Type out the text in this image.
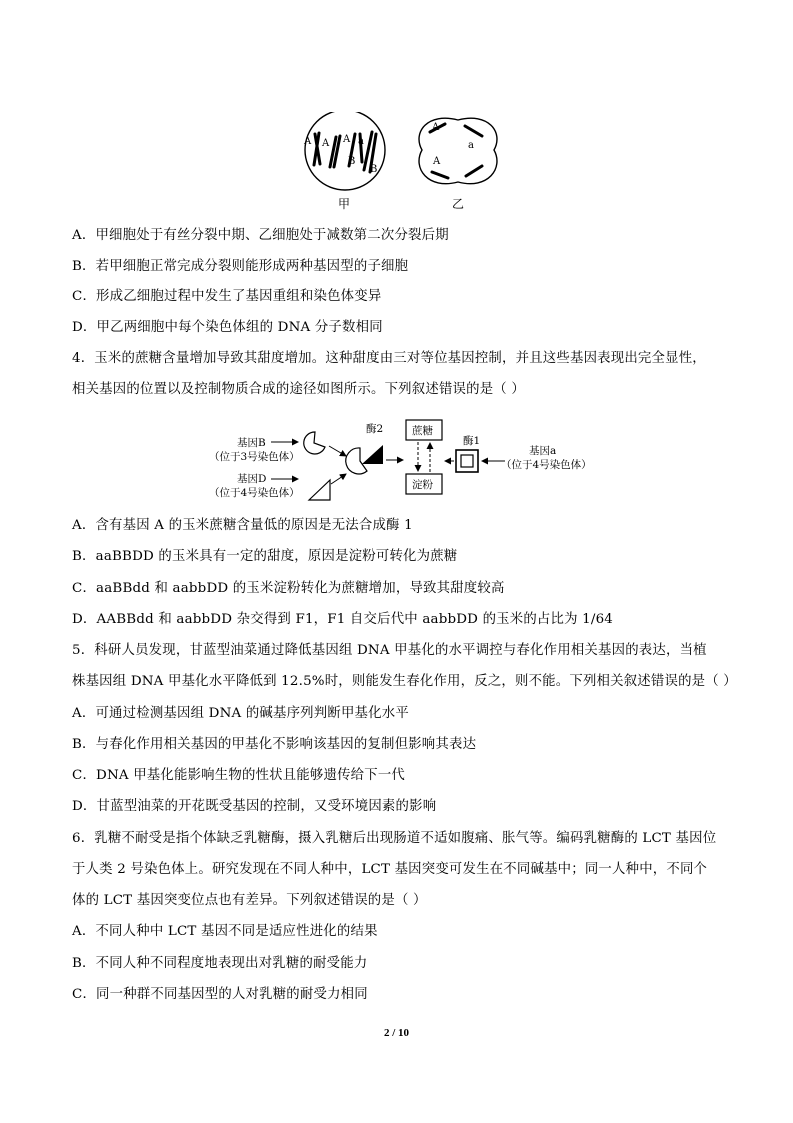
A A A a
B
B
甲
A
a
A
乙
A．甲细胞处于有丝分裂中期、乙细胞处于减数第二次分裂后期
B．若甲细胞正常完成分裂则能形成两种基因型的子细胞
C．形成乙细胞过程中发生了基因重组和染色体变异
D．甲乙两细胞中每个染色体组的 DNA 分子数相同
4．玉米的蔗糖含量增加导致其甜度增加。这种甜度由三对等位基因控制，并且这些基因表现出完全显性，
相关基因的位置以及控制物质合成的途径如图所示。下列叙述错误的是（ ）
基因B
（位于3号染色体）
基因D
（位于4号染色体）
酶2	蔗糖
淀粉
酶1
基因a
（位于4号染色体）
A．含有基因 A 的玉米蔗糖含量低的原因是无法合成酶 1
B．aaBBDD 的玉米具有一定的甜度，原因是淀粉可转化为蔗糖
C．aaBBdd 和 aabbDD 的玉米淀粉转化为蔗糖增加，导致其甜度较高
D．AABBdd 和 aabbDD 杂交得到 F1，F1 自交后代中 aabbDD 的玉米的占比为 1/64
5．科研人员发现，甘蓝型油菜通过降低基因组 DNA 甲基化的水平调控与春化作用相关基因的表达，当植
株基因组 DNA 甲基化水平降低到 12.5%时，则能发生春化作用，反之，则不能。下列相关叙述错误的是（ ）
A．可通过检测基因组 DNA 的碱基序列判断甲基化水平
B．与春化作用相关基因的甲基化不影响该基因的复制但影响其表达
C．DNA 甲基化能影响生物的性状且能够遗传给下一代
D．甘蓝型油菜的开花既受基因的控制，又受环境因素的影响
6．乳糖不耐受是指个体缺乏乳糖酶，摄入乳糖后出现肠道不适如腹痛、胀气等。编码乳糖酶的 LCT 基因位
于人类 2 号染色体上。研究发现在不同人种中，LCT 基因突变可发生在不同碱基中；同一人种中，不同个
体的 LCT 基因突变位点也有差异。下列叙述错误的是（ ）
A．不同人种中 LCT 基因不同是适应性进化的结果
B．不同人种不同程度地表现出对乳糖的耐受能力
C．同一种群不同基因型的人对乳糖的耐受力相同
2 / 10
